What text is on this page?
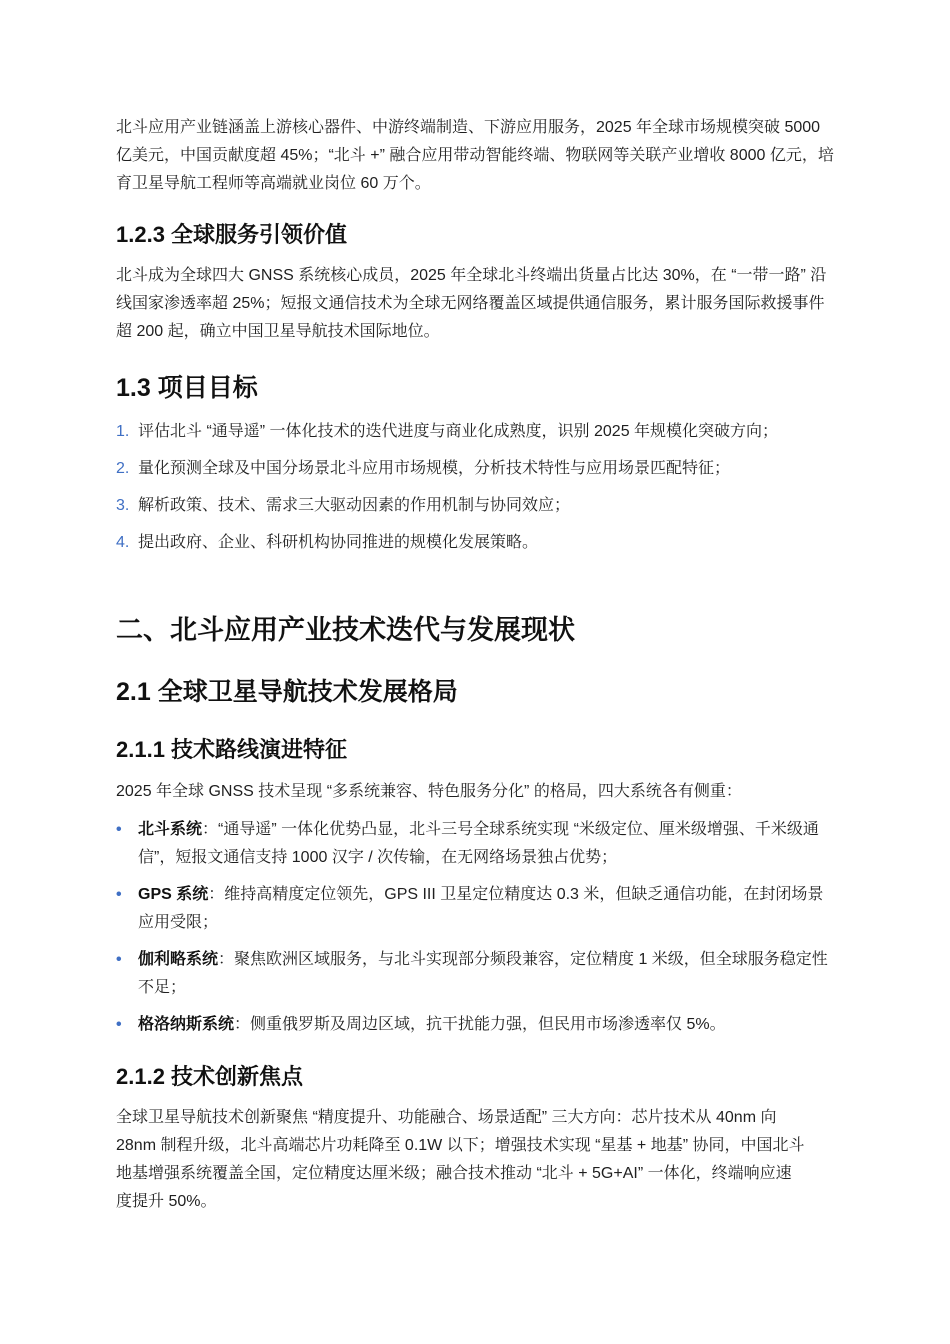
北斗应用产业链涵盖上游核心器件、中游终端制造、下游应用服务，2025 年全球市场规模突破 5000 亿美元，中国贡献度超 45%；“北斗 +” 融合应用带动智能终端、物联网等关联产业增收 8000 亿元，培育卫星导航工程师等高端就业岗位 60 万个。

1.2.3 全球服务引领价值

北斗成为全球四大 GNSS 系统核心成员，2025 年全球北斗终端出货量占比达 30%，在 “一带一路” 沿线国家渗透率超 25%；短报文通信技术为全球无网络覆盖区域提供通信服务，累计服务国际救援事件超 200 起，确立中国卫星导航技术国际地位。

1.3 项目目标
1. 评估北斗 “通导遥” 一体化技术的迭代进度与商业化成熟度，识别 2025 年规模化突破方向；
2. 量化预测全球及中国分场景北斗应用市场规模，分析技术特性与应用场景匹配特征；
3. 解析政策、技术、需求三大驱动因素的作用机制与协同效应；
4. 提出政府、企业、科研机构协同推进的规模化发展策略。
二、北斗应用产业技术迭代与发展现状
2.1 全球卫星导航技术发展格局
2.1.1 技术路线演进特征

2025 年全球 GNSS 技术呈现 “多系统兼容、特色服务分化” 的格局，四大系统各有侧重：

• 北斗系统：“通导遥” 一体化优势凸显，北斗三号全球系统实现 “米级定位、厘米级增强、千米级通信”，短报文通信支持 1000 汉字 / 次传输，在无网络场景独占优势；
• GPS 系统：维持高精度定位领先，GPS III 卫星定位精度达 0.3 米，但缺乏通信功能，在封闭场景应用受限；
• 伽利略系统：聚焦欧洲区域服务，与北斗实现部分频段兼容，定位精度 1 米级，但全球服务稳定性不足；
• 格洛纳斯系统：侧重俄罗斯及周边区域，抗干扰能力强，但民用市场渗透率仅 5%。
2.1.2 技术创新焦点

全球卫星导航技术创新聚焦 “精度提升、功能融合、场景适配” 三大方向：芯片技术从 40nm 向 28nm 制程升级，北斗高端芯片功耗降至 0.1W 以下；增强技术实现 “星基 + 地基” 协同，中国北斗地基增强系统覆盖全国，定位精度达厘米级；融合技术推动 “北斗 + 5G+AI” 一体化，终端响应速度提升 50%。
